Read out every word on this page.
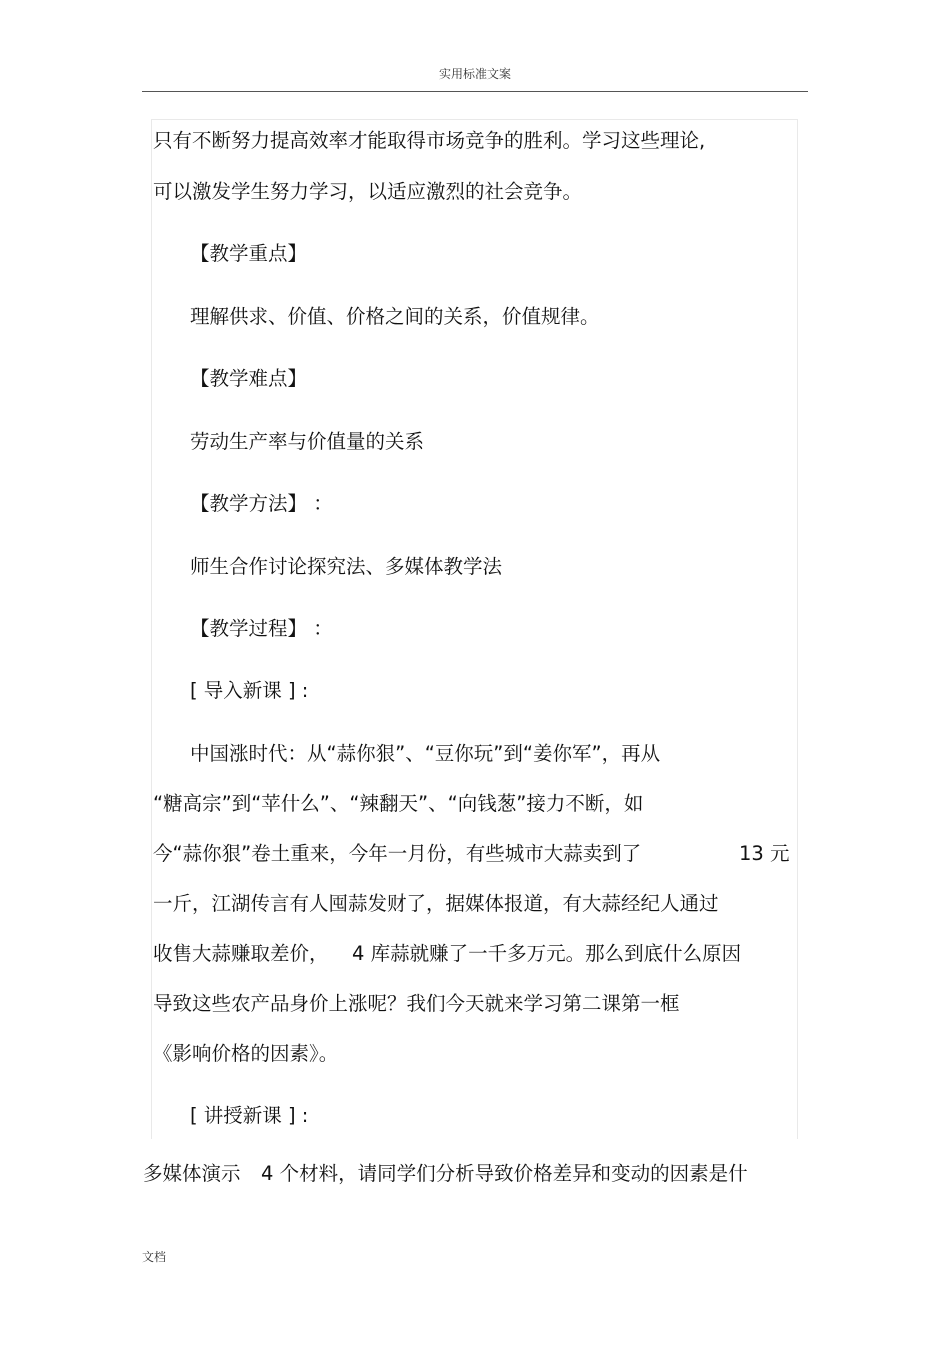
实用标准文案
只有不断努力提高效率才能取得市场竞争的胜利。学习这些理论,
可以激发学生努力学习，以适应激烈的社会竞争。
【教学重点】
理解供求、价值、价格之间的关系，价值规律。
【教学难点】
劳动生产率与价值量的关系
【教学方法】 ：
师生合作讨论探究法、多媒体教学法
【教学过程】 ：
[ 导入新课 ] :
中国涨时代：从“蒜你狠”、“豆你玩”到“姜你军”，再从
“糖高宗”到“苹什么”、“辣翻天”、“向钱葱”接力不断，如
今“蒜你狠”卷土重来，今年一月份，有些城市大蒜卖到了	13 元
一斤，江湖传言有人囤蒜发财了，据媒体报道，有大蒜经纪人通过
收售大蒜赚取差价， 4 库蒜就赚了一千多万元。那么到底什么原因
导致这些农产品身价上涨呢？我们今天就来学习第二课第一框
《影响价格的因素》。
[ 讲授新课 ] :
多媒体演示 4 个材料，请同学们分析导致价格差异和变动的因素是什
文档
